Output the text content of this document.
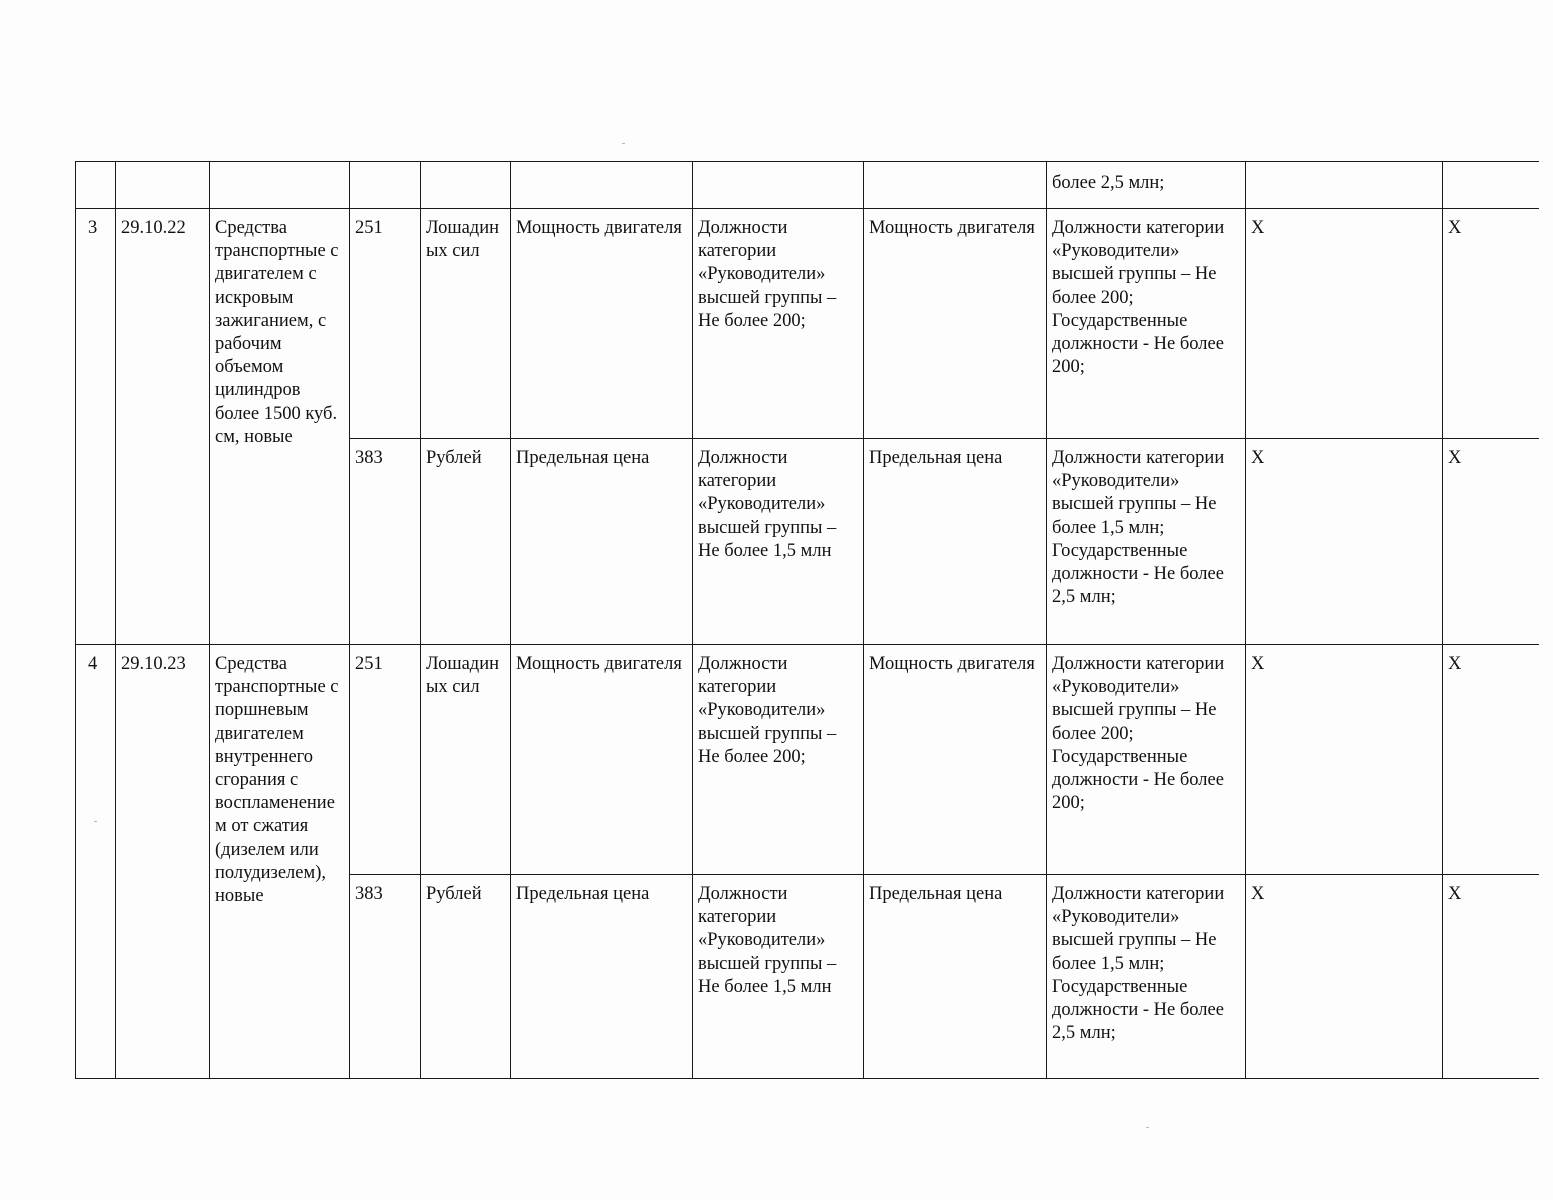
								более 2,5 млн;		
3	29.10.22	Средства транспортные с двигателем с искровым зажиганием, с рабочим объемом цилиндров более 1500 куб. см, новые	251	Лошадиных сил	Мощность двигателя	Должности категории «Руководители» высшей группы – Не более 200;	Мощность двигателя	Должности категории «Руководители» высшей группы – Не более 200; Государственные должности - Не более 200;	X	X
			383	Рублей	Предельная цена	Должности категории «Руководители» высшей группы – Не более 1,5 млн	Предельная цена	Должности категории «Руководители» высшей группы – Не более 1,5 млн; Государственные должности - Не более 2,5 млн;	X	X
4	29.10.23	Средства транспортные с поршневым двигателем внутреннего сгорания с воспламенением от сжатия (дизелем или полудизелем), новые	251	Лошадиных сил	Мощность двигателя	Должности категории «Руководители» высшей группы – Не более 200;	Мощность двигателя	Должности категории «Руководители» высшей группы – Не более 200; Государственные должности - Не более 200;	X	X
			383	Рублей	Предельная цена	Должности категории «Руководители» высшей группы – Не более 1,5 млн	Предельная цена	Должности категории «Руководители» высшей группы – Не более 1,5 млн; Государственные должности - Не более 2,5 млн;	X	X
